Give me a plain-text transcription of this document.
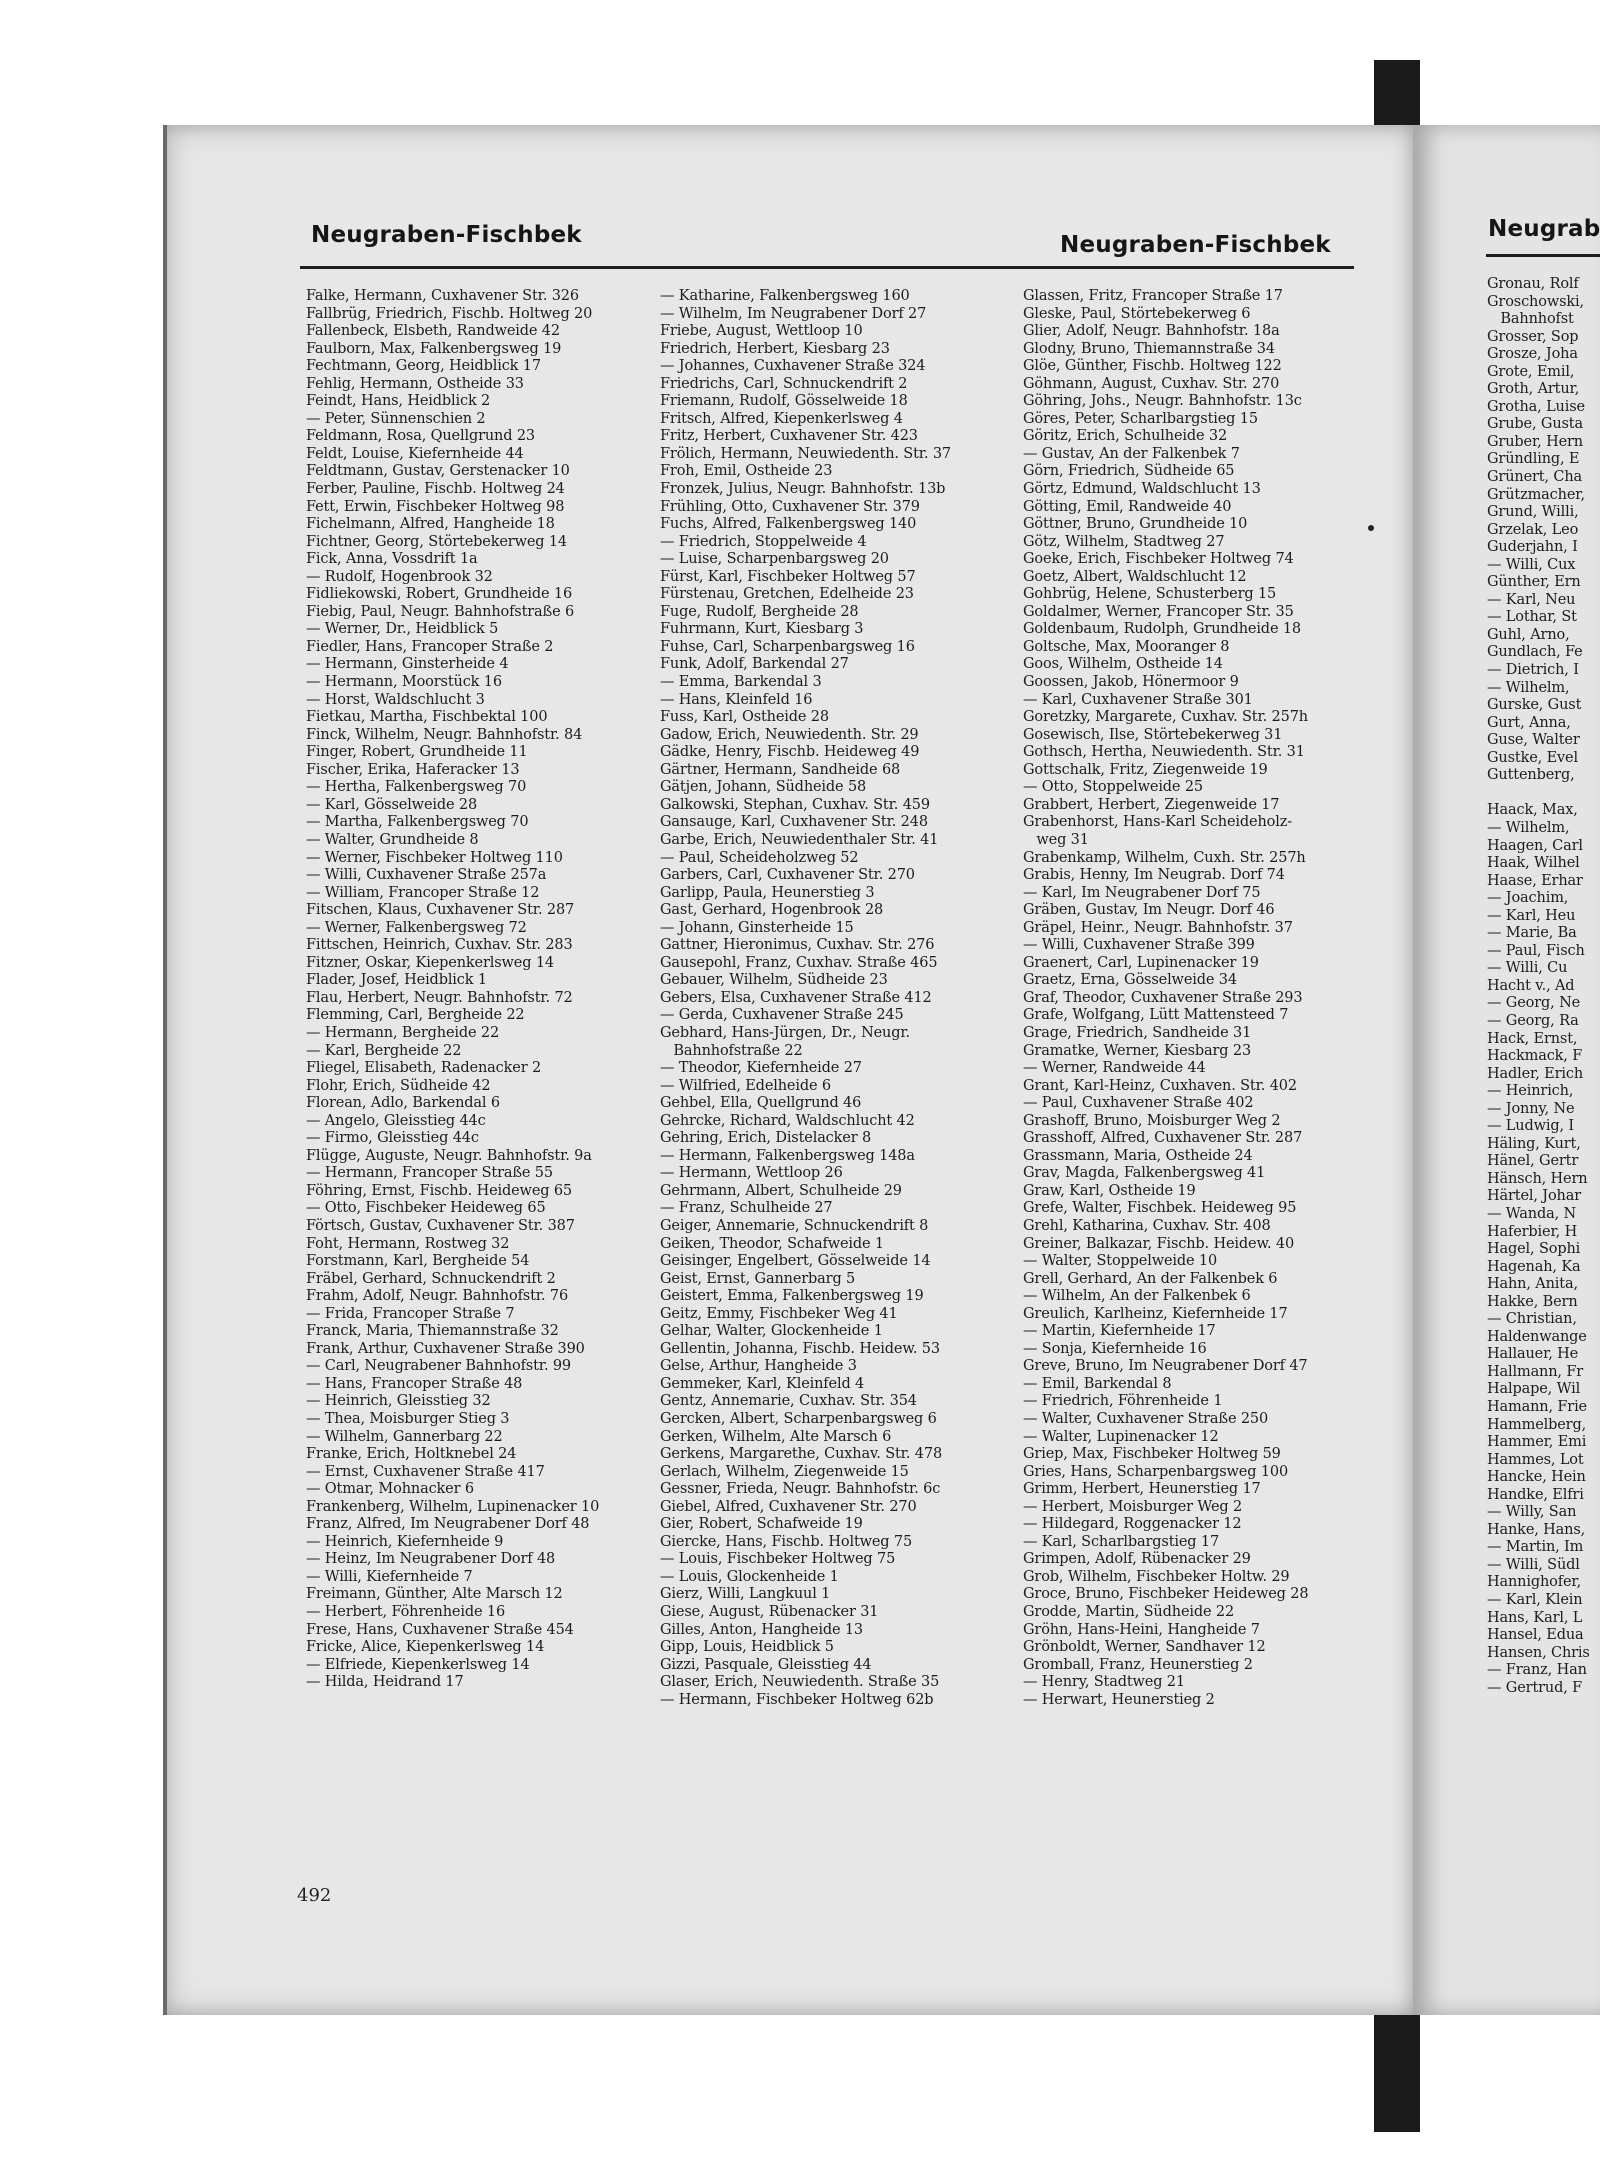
Neugraben-Fischbek	Neugraben-Fischbek
Neugrab
Falke, Hermann, Cuxhavener Str. 326
Fallbrüg, Friedrich, Fischb. Holtweg 20
Fallenbeck, Elsbeth, Randweide 42
Faulborn, Max, Falkenbergsweg 19
Fechtmann, Georg, Heidblick 17
Fehlig, Hermann, Ostheide 33
Feindt, Hans, Heidblick 2
— Peter, Sünnenschien 2
Feldmann, Rosa, Quellgrund 23
Feldt, Louise, Kiefernheide 44
Feldtmann, Gustav, Gerstenacker 10
Ferber, Pauline, Fischb. Holtweg 24
Fett, Erwin, Fischbeker Holtweg 98
Fichelmann, Alfred, Hangheide 18
Fichtner, Georg, Störtebekerweg 14
Fick, Anna, Vossdrift 1a
— Rudolf, Hogenbrook 32
Fidliekowski, Robert, Grundheide 16
Fiebig, Paul, Neugr. Bahnhofstraße 6
— Werner, Dr., Heidblick 5
Fiedler, Hans, Francoper Straße 2
— Hermann, Ginsterheide 4
— Hermann, Moorstück 16
— Horst, Waldschlucht 3
Fietkau, Martha, Fischbektal 100
Finck, Wilhelm, Neugr. Bahnhofstr. 84
Finger, Robert, Grundheide 11
Fischer, Erika, Haferacker 13
— Hertha, Falkenbergsweg 70
— Karl, Gösselweide 28
— Martha, Falkenbergsweg 70
— Walter, Grundheide 8
— Werner, Fischbeker Holtweg 110
— Willi, Cuxhavener Straße 257a
— William, Francoper Straße 12
Fitschen, Klaus, Cuxhavener Str. 287
— Werner, Falkenbergsweg 72
Fittschen, Heinrich, Cuxhav. Str. 283
Fitzner, Oskar, Kiepenkerlsweg 14
Flader, Josef, Heidblick 1
Flau, Herbert, Neugr. Bahnhofstr. 72
Flemming, Carl, Bergheide 22
— Hermann, Bergheide 22
— Karl, Bergheide 22
Fliegel, Elisabeth, Radenacker 2
Flohr, Erich, Südheide 42
Florean, Adlo, Barkendal 6
— Angelo, Gleisstieg 44c
— Firmo, Gleisstieg 44c
Flügge, Auguste, Neugr. Bahnhofstr. 9a
— Hermann, Francoper Straße 55
Föhring, Ernst, Fischb. Heideweg 65
— Otto, Fischbeker Heideweg 65
Förtsch, Gustav, Cuxhavener Str. 387
Foht, Hermann, Rostweg 32
Forstmann, Karl, Bergheide 54
Fräbel, Gerhard, Schnuckendrift 2
Frahm, Adolf, Neugr. Bahnhofstr. 76
— Frida, Francoper Straße 7
Franck, Maria, Thiemannstraße 32
Frank, Arthur, Cuxhavener Straße 390
— Carl, Neugrabener Bahnhofstr. 99
— Hans, Francoper Straße 48
— Heinrich, Gleisstieg 32
— Thea, Moisburger Stieg 3
— Wilhelm, Gannerbarg 22
Franke, Erich, Holtknebel 24
— Ernst, Cuxhavener Straße 417
— Otmar, Mohnacker 6
Frankenberg, Wilhelm, Lupinenacker 10
Franz, Alfred, Im Neugrabener Dorf 48
— Heinrich, Kiefernheide 9
— Heinz, Im Neugrabener Dorf 48
— Willi, Kiefernheide 7
Freimann, Günther, Alte Marsch 12
— Herbert, Föhrenheide 16
Frese, Hans, Cuxhavener Straße 454
Fricke, Alice, Kiepenkerlsweg 14
— Elfriede, Kiepenkerlsweg 14
— Hilda, Heidrand 17
— Katharine, Falkenbergsweg 160
— Wilhelm, Im Neugrabener Dorf 27
Friebe, August, Wettloop 10
Friedrich, Herbert, Kiesbarg 23
— Johannes, Cuxhavener Straße 324
Friedrichs, Carl, Schnuckendrift 2
Friemann, Rudolf, Gösselweide 18
Fritsch, Alfred, Kiepenkerlsweg 4
Fritz, Herbert, Cuxhavener Str. 423
Frölich, Hermann, Neuwiedenth. Str. 37
Froh, Emil, Ostheide 23
Fronzek, Julius, Neugr. Bahnhofstr. 13b
Frühling, Otto, Cuxhavener Str. 379
Fuchs, Alfred, Falkenbergsweg 140
— Friedrich, Stoppelweide 4
— Luise, Scharpenbargsweg 20
Fürst, Karl, Fischbeker Holtweg 57
Fürstenau, Gretchen, Edelheide 23
Fuge, Rudolf, Bergheide 28
Fuhrmann, Kurt, Kiesbarg 3
Fuhse, Carl, Scharpenbargsweg 16
Funk, Adolf, Barkendal 27
— Emma, Barkendal 3
— Hans, Kleinfeld 16
Fuss, Karl, Ostheide 28
Gadow, Erich, Neuwiedenth. Str. 29
Gädke, Henry, Fischb. Heideweg 49
Gärtner, Hermann, Sandheide 68
Gätjen, Johann, Südheide 58
Galkowski, Stephan, Cuxhav. Str. 459
Gansauge, Karl, Cuxhavener Str. 248
Garbe, Erich, Neuwiedenthaler Str. 41
— Paul, Scheideholzweg 52
Garbers, Carl, Cuxhavener Str. 270
Garlipp, Paula, Heunerstieg 3
Gast, Gerhard, Hogenbrook 28
— Johann, Ginsterheide 15
Gattner, Hieronimus, Cuxhav. Str. 276
Gausepohl, Franz, Cuxhav. Straße 465
Gebauer, Wilhelm, Südheide 23
Gebers, Elsa, Cuxhavener Straße 412
— Gerda, Cuxhavener Straße 245
Gebhard, Hans-Jürgen, Dr., Neugr.
Bahnhofstraße 22
— Theodor, Kiefernheide 27
— Wilfried, Edelheide 6
Gehbel, Ella, Quellgrund 46
Gehrcke, Richard, Waldschlucht 42
Gehring, Erich, Distelacker 8
— Hermann, Falkenbergsweg 148a
— Hermann, Wettloop 26
Gehrmann, Albert, Schulheide 29
— Franz, Schulheide 27
Geiger, Annemarie, Schnuckendrift 8
Geiken, Theodor, Schafweide 1
Geisinger, Engelbert, Gösselweide 14
Geist, Ernst, Gannerbarg 5
Geistert, Emma, Falkenbergsweg 19
Geitz, Emmy, Fischbeker Weg 41
Gelhar, Walter, Glockenheide 1
Gellentin, Johanna, Fischb. Heidew. 53
Gelse, Arthur, Hangheide 3
Gemmeker, Karl, Kleinfeld 4
Gentz, Annemarie, Cuxhav. Str. 354
Gercken, Albert, Scharpenbargsweg 6
Gerken, Wilhelm, Alte Marsch 6
Gerkens, Margarethe, Cuxhav. Str. 478
Gerlach, Wilhelm, Ziegenweide 15
Gessner, Frieda, Neugr. Bahnhofstr. 6c
Giebel, Alfred, Cuxhavener Str. 270
Gier, Robert, Schafweide 19
Giercke, Hans, Fischb. Holtweg 75
— Louis, Fischbeker Holtweg 75
— Louis, Glockenheide 1
Gierz, Willi, Langkuul 1
Giese, August, Rübenacker 31
Gilles, Anton, Hangheide 13
Gipp, Louis, Heidblick 5
Gizzi, Pasquale, Gleisstieg 44
Glaser, Erich, Neuwiedenth. Straße 35
— Hermann, Fischbeker Holtweg 62b
Glassen, Fritz, Francoper Straße 17
Gleske, Paul, Störtebekerweg 6
Glier, Adolf, Neugr. Bahnhofstr. 18a
Glodny, Bruno, Thiemannstraße 34
Glöe, Günther, Fischb. Holtweg 122
Göhmann, August, Cuxhav. Str. 270
Göhring, Johs., Neugr. Bahnhofstr. 13c
Göres, Peter, Scharlbargstieg 15
Göritz, Erich, Schulheide 32
— Gustav, An der Falkenbek 7
Görn, Friedrich, Südheide 65
Görtz, Edmund, Waldschlucht 13
Götting, Emil, Randweide 40
Göttner, Bruno, Grundheide 10
Götz, Wilhelm, Stadtweg 27
Goeke, Erich, Fischbeker Holtweg 74
Goetz, Albert, Waldschlucht 12
Gohbrüg, Helene, Schusterberg 15
Goldalmer, Werner, Francoper Str. 35
Goldenbaum, Rudolph, Grundheide 18
Goltsche, Max, Mooranger 8
Goos, Wilhelm, Ostheide 14
Goossen, Jakob, Hönermoor 9
— Karl, Cuxhavener Straße 301
Goretzky, Margarete, Cuxhav. Str. 257h
Gosewisch, Ilse, Störtebekerweg 31
Gothsch, Hertha, Neuwiedenth. Str. 31
Gottschalk, Fritz, Ziegenweide 19
— Otto, Stoppelweide 25
Grabbert, Herbert, Ziegenweide 17
Grabenhorst, Hans-Karl Scheideholz-
weg 31
Grabenkamp, Wilhelm, Cuxh. Str. 257h
Grabis, Henny, Im Neugrab. Dorf 74
— Karl, Im Neugrabener Dorf 75
Gräben, Gustav, Im Neugr. Dorf 46
Gräpel, Heinr., Neugr. Bahnhofstr. 37
— Willi, Cuxhavener Straße 399
Graenert, Carl, Lupinenacker 19
Graetz, Erna, Gösselweide 34
Graf, Theodor, Cuxhavener Straße 293
Grafe, Wolfgang, Lütt Mattensteed 7
Grage, Friedrich, Sandheide 31
Gramatke, Werner, Kiesbarg 23
— Werner, Randweide 44
Grant, Karl-Heinz, Cuxhaven. Str. 402
— Paul, Cuxhavener Straße 402
Grashoff, Bruno, Moisburger Weg 2
Grasshoff, Alfred, Cuxhavener Str. 287
Grassmann, Maria, Ostheide 24
Grav, Magda, Falkenbergsweg 41
Graw, Karl, Ostheide 19
Grefe, Walter, Fischbek. Heideweg 95
Grehl, Katharina, Cuxhav. Str. 408
Greiner, Balkazar, Fischb. Heidew. 40
— Walter, Stoppelweide 10
Grell, Gerhard, An der Falkenbek 6
— Wilhelm, An der Falkenbek 6
Greulich, Karlheinz, Kiefernheide 17
— Martin, Kiefernheide 17
— Sonja, Kiefernheide 16
Greve, Bruno, Im Neugrabener Dorf 47
— Emil, Barkendal 8
— Friedrich, Föhrenheide 1
— Walter, Cuxhavener Straße 250
— Walter, Lupinenacker 12
Griep, Max, Fischbeker Holtweg 59
Gries, Hans, Scharpenbargsweg 100
Grimm, Herbert, Heunerstieg 17
— Herbert, Moisburger Weg 2
— Hildegard, Roggenacker 12
— Karl, Scharlbargstieg 17
Grimpen, Adolf, Rübenacker 29
Grob, Wilhelm, Fischbeker Holtw. 29
Groce, Bruno, Fischbeker Heideweg 28
Grodde, Martin, Südheide 22
Gröhn, Hans-Heini, Hangheide 7
Grönboldt, Werner, Sandhaver 12
Gromball, Franz, Heunerstieg 2
— Henry, Stadtweg 21
— Herwart, Heunerstieg 2
Gronau, Rolf
Groschowski,
Bahnhofst
Grosser, Sop
Grosze, Joha
Grote, Emil,
Groth, Artur,
Grotha, Luise
Grube, Gusta
Gruber, Hern
Gründling, E
Grünert, Cha
Grützmacher,
Grund, Willi,
Grzelak, Leo
Guderjahn, I
— Willi, Cux
Günther, Ern
— Karl, Neu
— Lothar, St
Guhl, Arno,
Gundlach, Fe
— Dietrich, I
— Wilhelm,
Gurske, Gust
Gurt, Anna,
Guse, Walter
Gustke, Evel
Guttenberg,
Haack, Max,
— Wilhelm,
Haagen, Carl
Haak, Wilhel
Haase, Erhar
— Joachim,
— Karl, Heu
— Marie, Ba
— Paul, Fisch
— Willi, Cu
Hacht v., Ad
— Georg, Ne
— Georg, Ra
Hack, Ernst,
Hackmack, F
Hadler, Erich
— Heinrich,
— Jonny, Ne
— Ludwig, I
Häling, Kurt,
Hänel, Gertr
Hänsch, Hern
Härtel, Johar
— Wanda, N
Haferbier, H
Hagel, Sophi
Hagenah, Ka
Hahn, Anita,
Hakke, Bern
— Christian,
Haldenwange
Hallauer, He
Hallmann, Fr
Halpape, Wil
Hamann, Frie
Hammelberg,
Hammer, Emi
Hammes, Lot
Hancke, Hein
Handke, Elfri
— Willy, San
Hanke, Hans,
— Martin, Im
— Willi, Südl
Hannighofer,
— Karl, Klein
Hans, Karl, L
Hansel, Edua
Hansen, Chris
— Franz, Han
— Gertrud, F
492
